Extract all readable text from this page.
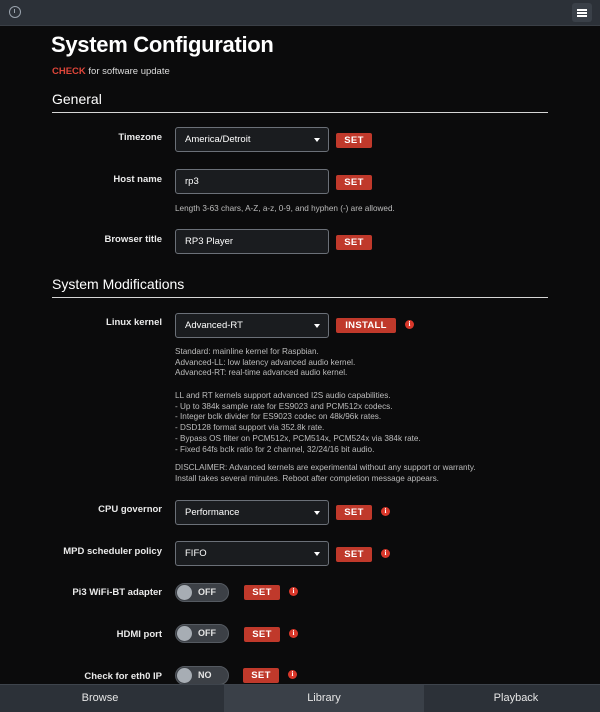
System Configuration
CHECK for software update
General
Timezone	America/Detroit	SET
Host name	rp3	SET
Length 3-63 chars, A-Z, a-z, 0-9, and hyphen (-) are allowed.
Browser title	RP3 Player	SET
System Modifications
Linux kernel	Advanced-RT	INSTALL	i
Standard: mainline kernel for Raspbian.
Advanced-LL: low latency advanced audio kernel.
Advanced-RT: real-time advanced audio kernel.
LL and RT kernels support advanced I2S audio capabilities.
- Up to 384k sample rate for ES9023 and PCM512x codecs.
- Integer bclk divider for ES9023 codec on 48k/96k rates.
- DSD128 format support via 352.8k rate.
- Bypass OS filter on PCM512x, PCM514x, PCM524x via 384k rate.
- Fixed 64fs bclk ratio for 2 channel, 32/24/16 bit audio.
DISCLAIMER: Advanced kernels are experimental without any support or warranty.
Install takes several minutes. Reboot after completion message appears.
CPU governor	Performance	SET	i
MPD scheduler policy	FIFO	SET	i
Pi3 WiFi-BT adapter	OFF	SET	i
HDMI port	OFF	SET	i
Check for eth0 IP	NO	SET	i
Browse	Library	Playback
